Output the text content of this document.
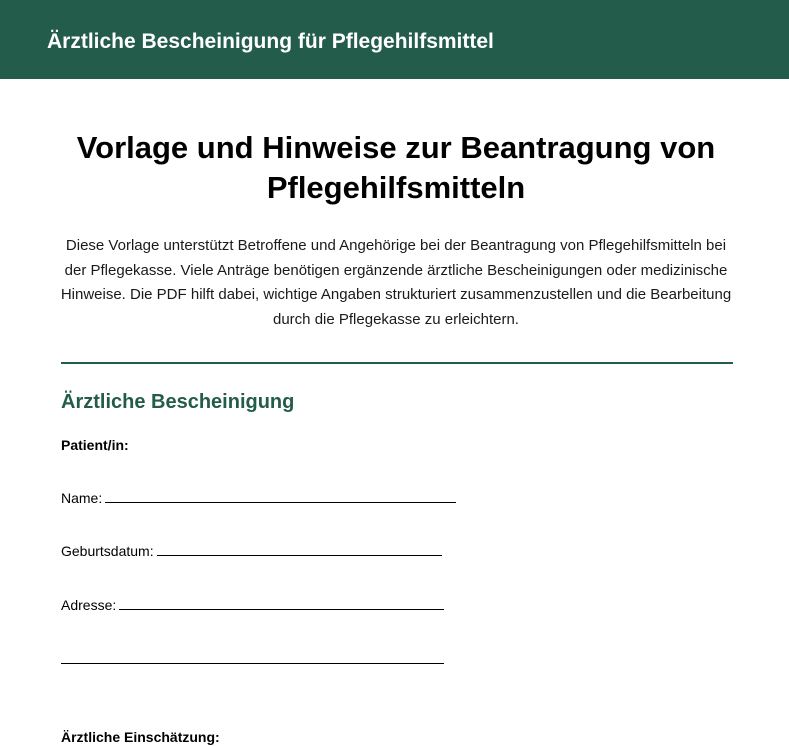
Ärztliche Bescheinigung für Pflegehilfsmittel
Vorlage und Hinweise zur Beantragung von Pflegehilfsmitteln
Diese Vorlage unterstützt Betroffene und Angehörige bei der Beantragung von Pflegehilfsmitteln bei der Pflegekasse. Viele Anträge benötigen ergänzende ärztliche Bescheinigungen oder medizinische Hinweise. Die PDF hilft dabei, wichtige Angaben strukturiert zusammenzustellen und die Bearbeitung durch die Pflegekasse zu erleichtern.
Ärztliche Bescheinigung
Patient/in:
Name:
Geburtsdatum:
Adresse:
Ärztliche Einschätzung:
